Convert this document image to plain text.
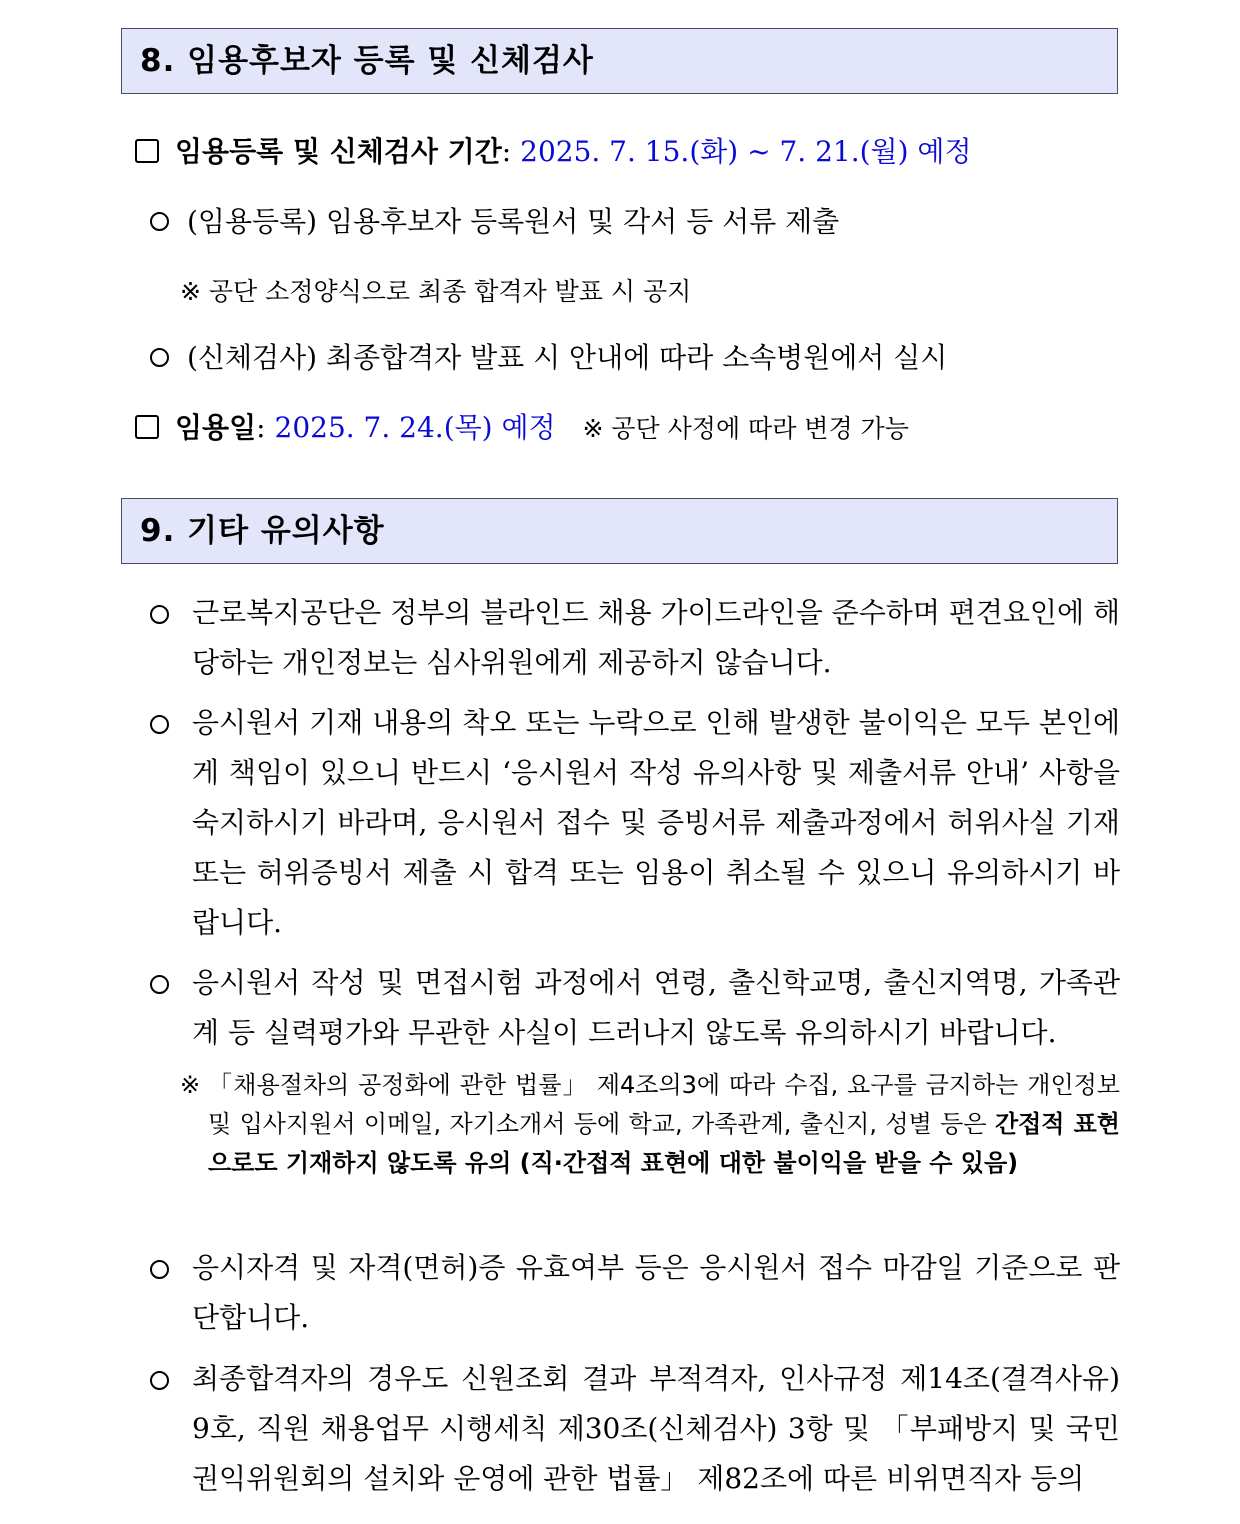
8. 임용후보자 등록 및 신체검사
임용등록 및 신체검사 기간: 2025. 7. 15.(화) ~ 7. 21.(월) 예정
(임용등록) 임용후보자 등록원서 및 각서 등 서류 제출
※ 공단 소정양식으로 최종 합격자 발표 시 공지
(신체검사) 최종합격자 발표 시 안내에 따라 소속병원에서 실시
임용일: 2025. 7. 24.(목) 예정 ※ 공단 사정에 따라 변경 가능
9. 기타 유의사항
근로복지공단은 정부의 블라인드 채용 가이드라인을 준수하며 편견요인에 해당하는 개인정보는 심사위원에게 제공하지 않습니다.
응시원서 기재 내용의 착오 또는 누락으로 인해 발생한 불이익은 모두 본인에게 책임이 있으니 반드시 ‘응시원서 작성 유의사항 및 제출서류 안내’ 사항을 숙지하시기 바라며, 응시원서 접수 및 증빙서류 제출과정에서 허위사실 기재 또는 허위증빙서 제출 시 합격 또는 임용이 취소될 수 있으니 유의하시기 바랍니다.
응시원서 작성 및 면접시험 과정에서 연령, 출신학교명, 출신지역명, 가족관계 등 실력평가와 무관한 사실이 드러나지 않도록 유의하시기 바랍니다.
※ 「채용절차의 공정화에 관한 법률」 제4조의3에 따라 수집, 요구를 금지하는 개인정보 및 입사지원서 이메일, 자기소개서 등에 학교, 가족관계, 출신지, 성별 등은 간접적 표현으로도 기재하지 않도록 유의 (직·간접적 표현에 대한 불이익을 받을 수 있음)
응시자격 및 자격(면허)증 유효여부 등은 응시원서 접수 마감일 기준으로 판단합니다.
최종합격자의 경우도 신원조회 결과 부적격자, 인사규정 제14조(결격사유) 9호, 직원 채용업무 시행세칙 제30조(신체검사) 3항 및 「부패방지 및 국민권익위원회의 설치와 운영에 관한 법률」 제82조에 따른 비위면직자 등의
